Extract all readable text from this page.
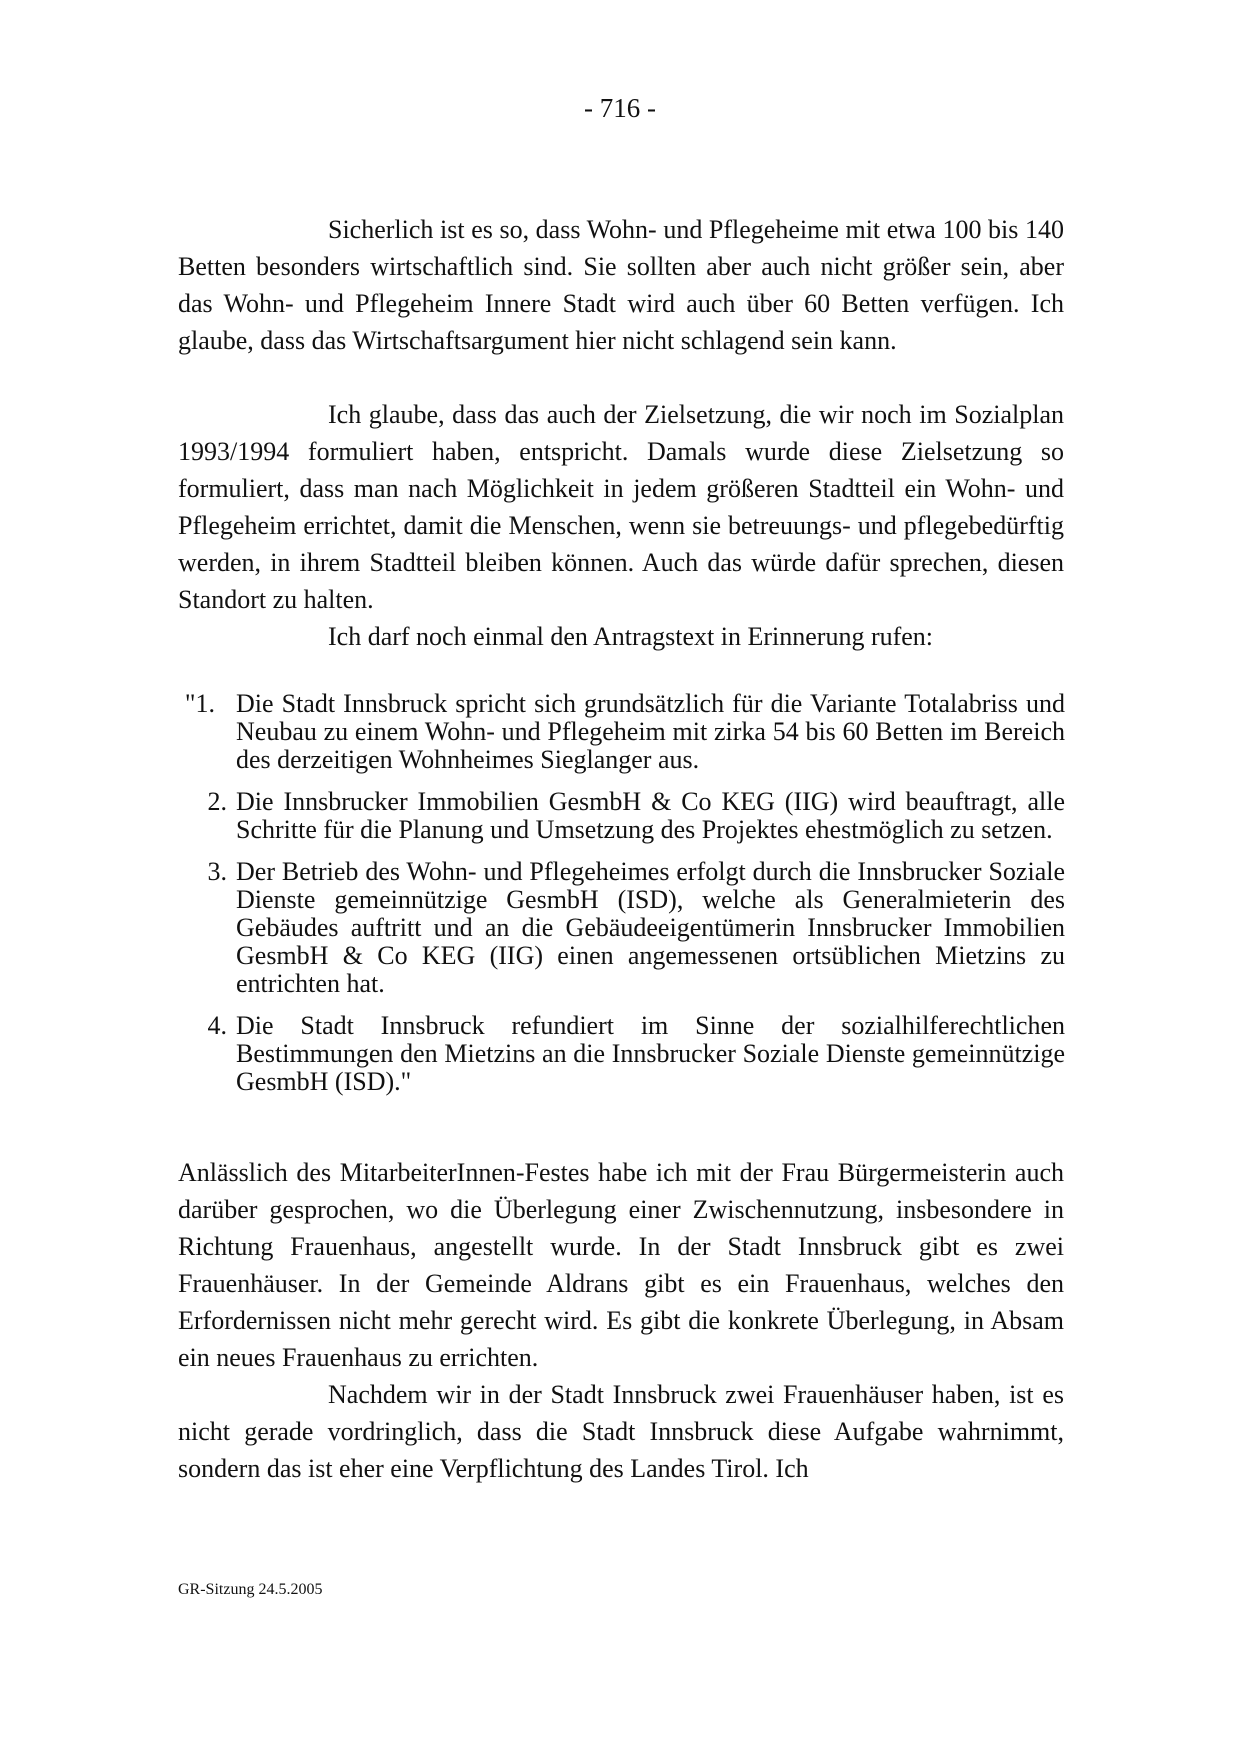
- 716 -

Sicherlich ist es so, dass Wohn- und Pflegeheime mit etwa 100 bis 140 Betten besonders wirtschaftlich sind. Sie sollten aber auch nicht größer sein, aber das Wohn- und Pflegeheim Innere Stadt wird auch über 60 Betten verfügen. Ich glaube, dass das Wirtschaftsargument hier nicht schlagend sein kann.

Ich glaube, dass das auch der Zielsetzung, die wir noch im Sozialplan 1993/1994 formuliert haben, entspricht. Damals wurde diese Zielsetzung so formuliert, dass man nach Möglichkeit in jedem größeren Stadtteil ein Wohn- und Pflegeheim errichtet, damit die Menschen, wenn sie betreuungs- und pflegebedürftig werden, in ihrem Stadtteil bleiben können. Auch das würde dafür sprechen, diesen Standort zu halten.

Ich darf noch einmal den Antragstext in Erinnerung rufen:

"1. Die Stadt Innsbruck spricht sich grundsätzlich für die Variante Totalabriss und Neubau zu einem Wohn- und Pflegeheim mit zirka 54 bis 60 Betten im Bereich des derzeitigen Wohnheimes Sieglanger aus.
2. Die Innsbrucker Immobilien GesmbH & Co KEG (IIG) wird beauftragt, alle Schritte für die Planung und Umsetzung des Projektes ehestmöglich zu setzen.
3. Der Betrieb des Wohn- und Pflegeheimes erfolgt durch die Innsbrucker Soziale Dienste gemeinnützige GesmbH (ISD), welche als Generalmieterin des Gebäudes auftritt und an die Gebäudeeigentümerin Innsbrucker Immobilien GesmbH & Co KEG (IIG) einen angemessenen ortsüblichen Mietzins zu entrichten hat.
4. Die Stadt Innsbruck refundiert im Sinne der sozialhilferechtlichen Bestimmungen den Mietzins an die Innsbrucker Soziale Dienste gemeinnützige GesmbH (ISD)."

Anlässlich des MitarbeiterInnen-Festes habe ich mit der Frau Bürgermeisterin auch darüber gesprochen, wo die Überlegung einer Zwischennutzung, insbesondere in Richtung Frauenhaus, angestellt wurde. In der Stadt Innsbruck gibt es zwei Frauenhäuser. In der Gemeinde Aldrans gibt es ein Frauenhaus, welches den Erfordernissen nicht mehr gerecht wird. Es gibt die konkrete Überlegung, in Absam ein neues Frauenhaus zu errichten.

Nachdem wir in der Stadt Innsbruck zwei Frauenhäuser haben, ist es nicht gerade vordringlich, dass die Stadt Innsbruck diese Aufgabe wahrnimmt, sondern das ist eher eine Verpflichtung des Landes Tirol. Ich

GR-Sitzung 24.5.2005
